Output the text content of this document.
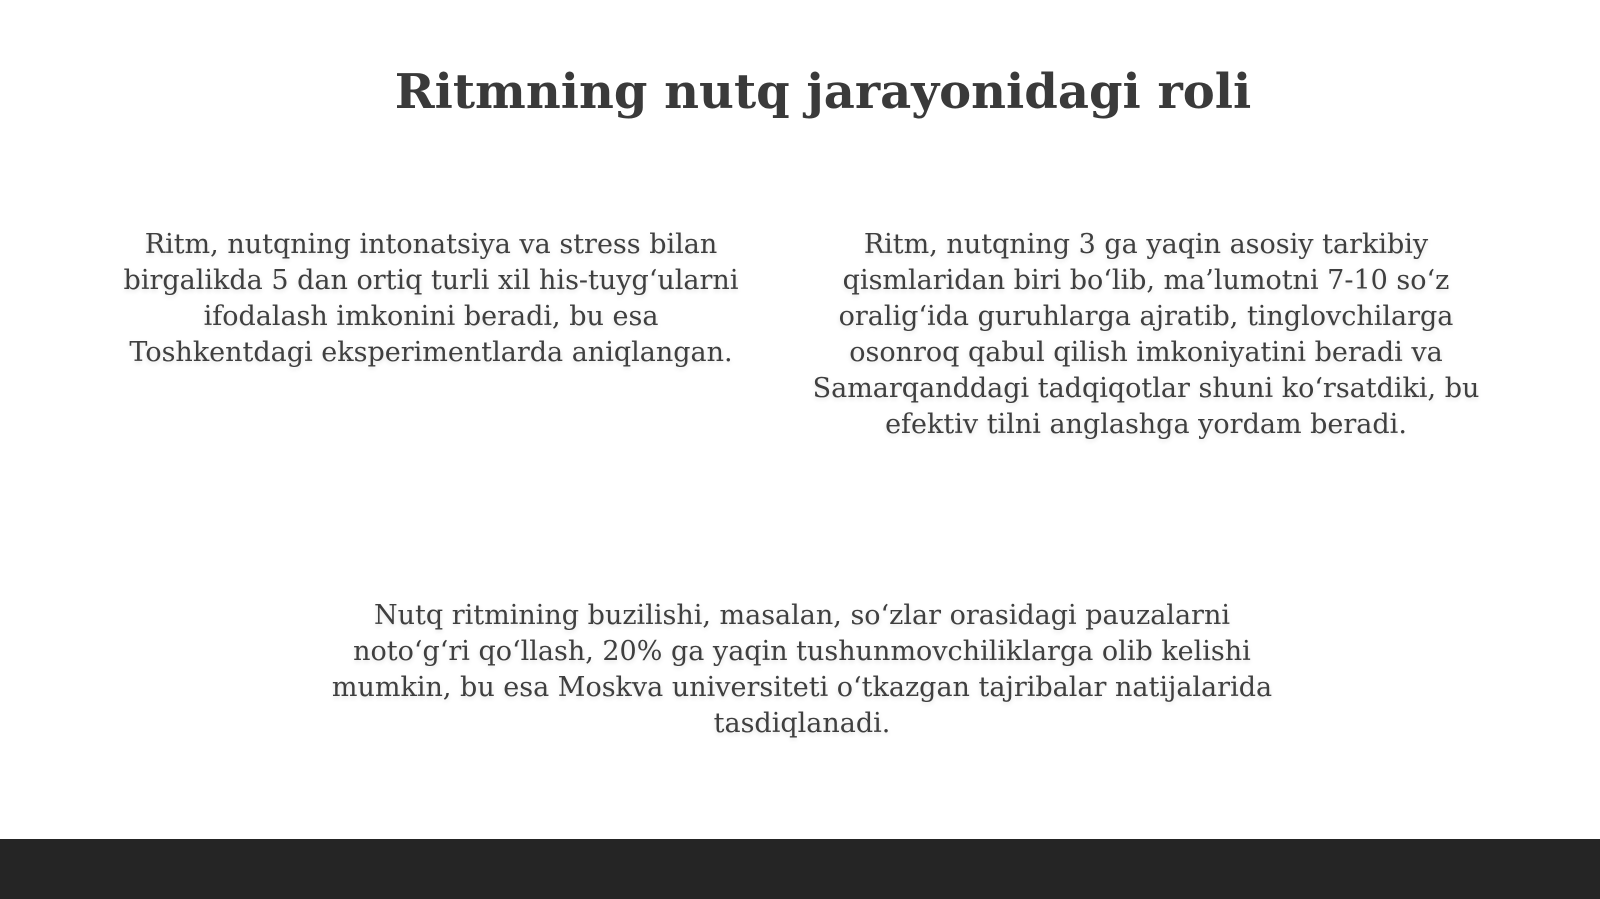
Ritmning nutq jarayonidagi roli

Ritm, nutqning intonatsiya va stress bilan
birgalikda 5 dan ortiq turli xil his-tuyg‘ularni
ifodalash imkonini beradi, bu esa
Toshkentdagi eksperimentlarda aniqlangan.

Ritm, nutqning 3 ga yaqin asosiy tarkibiy
qismlaridan biri bo‘lib, ma’lumotni 7-10 so‘z
oralig‘ida guruhlarga ajratib, tinglovchilarga
osonroq qabul qilish imkoniyatini beradi va
Samarqanddagi tadqiqotlar shuni ko‘rsatdiki, bu
efektiv tilni anglashga yordam beradi.

Nutq ritmining buzilishi, masalan, so‘zlar orasidagi pauzalarni
noto‘g‘ri qo‘llash, 20% ga yaqin tushunmovchiliklarga olib kelishi
mumkin, bu esa Moskva universiteti o‘tkazgan tajribalar natijalarida
tasdiqlanadi.
